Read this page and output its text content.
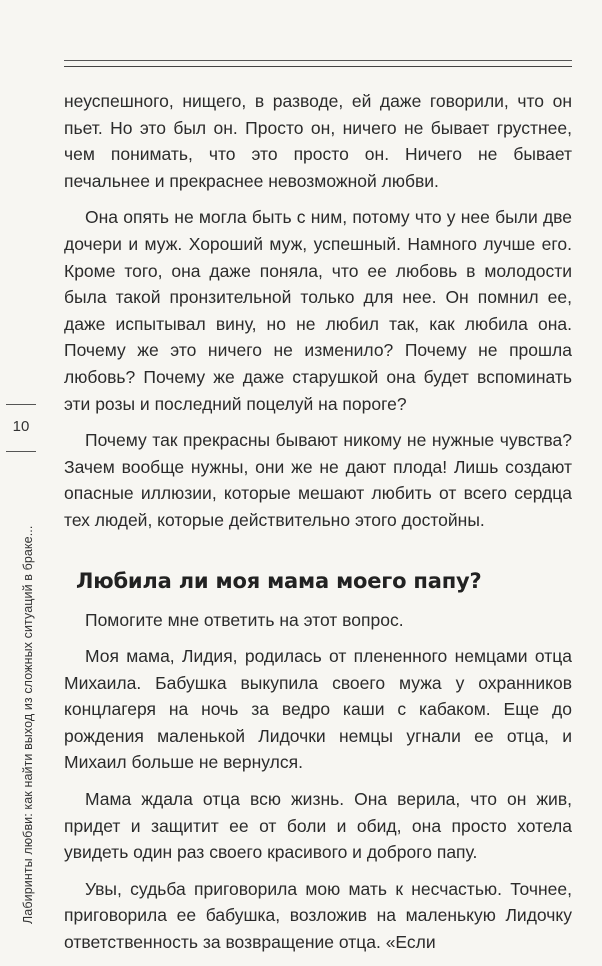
10
Лабиринты любви: как найти выход из сложных ситуаций в браке...

неуспешного, нищего, в разводе, ей даже говорили, что он пьет. Но это был он. Просто он, ничего не бывает грустнее, чем понимать, что это просто он. Ничего не бывает печальнее и прекраснее невозможной любви.

Она опять не могла быть с ним, потому что у нее были две дочери и муж. Хороший муж, успешный. Намного лучше его. Кроме того, она даже поняла, что ее любовь в молодости была такой пронзительной только для нее. Он помнил ее, даже испытывал вину, но не любил так, как любила она. Почему же это ничего не изменило? Почему не прошла любовь? Почему же даже старушкой она будет вспоминать эти розы и последний поцелуй на пороге?

Почему так прекрасны бывают никому не нужные чувства? Зачем вообще нужны, они же не дают плода! Лишь создают опасные иллюзии, которые мешают любить от всего сердца тех людей, которые действительно этого достойны.

Любила ли моя мама моего папу?

Помогите мне ответить на этот вопрос.

Моя мама, Лидия, родилась от плененного немцами отца Михаила. Бабушка выкупила своего мужа у охранников концлагеря на ночь за ведро каши с кабаком. Еще до рождения маленькой Лидочки немцы угнали ее отца, и Михаил больше не вернулся.

Мама ждала отца всю жизнь. Она верила, что он жив, придет и защитит ее от боли и обид, она просто хотела увидеть один раз своего красивого и доброго папу.

Увы, судьба приговорила мою мать к несчастью. Точнее, приговорила ее бабушка, возложив на маленькую Лидочку ответственность за возвращение отца. «Если
